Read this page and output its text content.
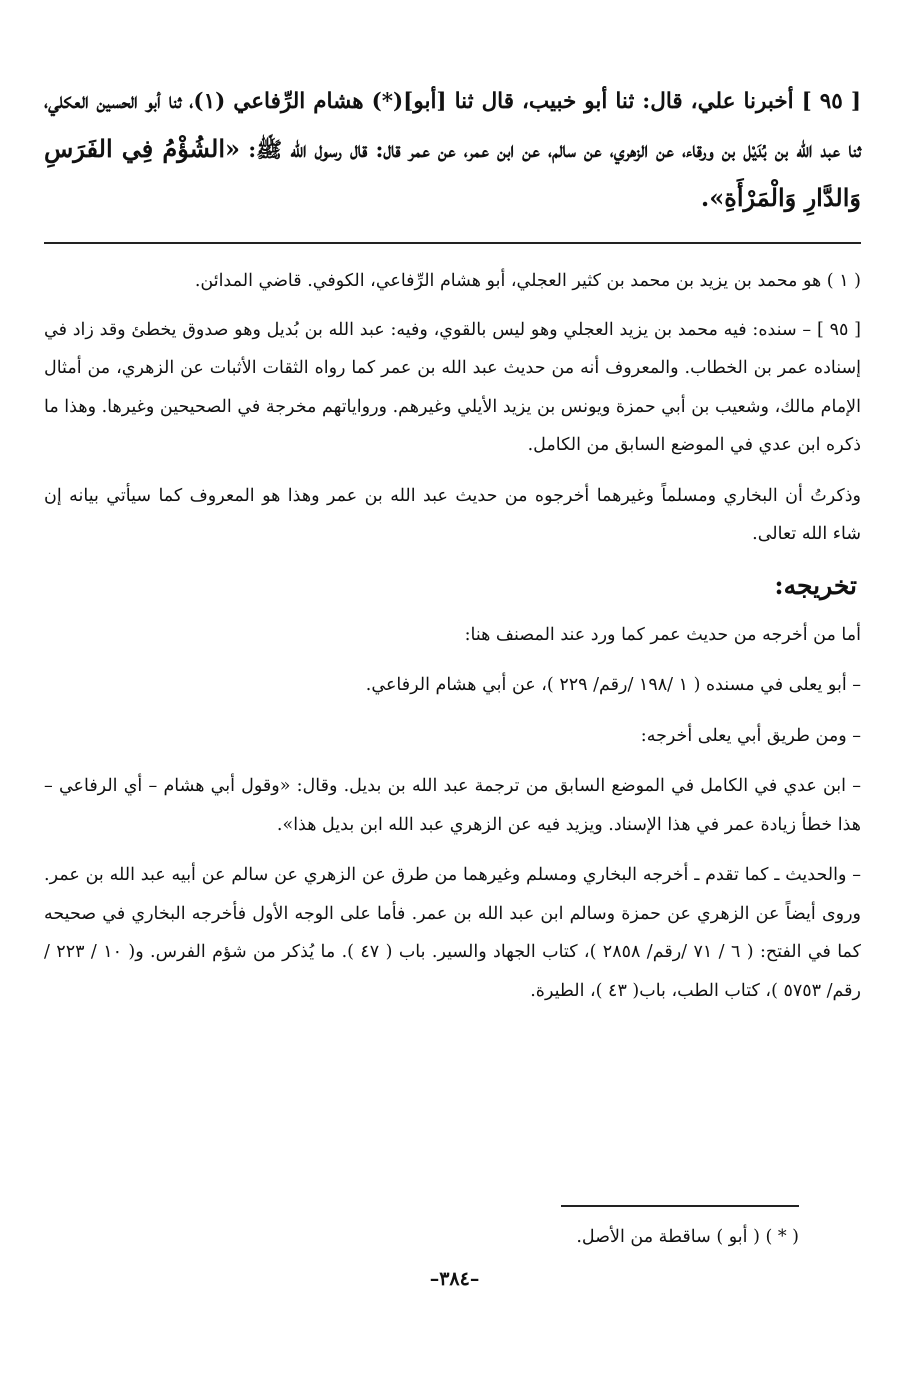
[ ٩٥ ] أخبرنا علي، قال: ثنا أبو خبيب، قال ثنا [أبو](*) هشام الرِّفاعي (١)، ثنا أبو الحسين العكلي، ثنا عبد الله بن بُدَيْل بن ورقاء، عن الزهري، عن سالم، عن ابن عمر، عن عمر قال: قال رسول الله ﷺ: «الشُؤْمُ فِي الفَرَسِ وَالدَّارِ وَالْمَرْأَةِ».

( ١ ) هو محمد بن يزيد بن محمد بن كثير العجلي، أبو هشام الرِّفاعي، الكوفي. قاضي المدائن.

[ ٩٥ ] – سنده: فيه محمد بن يزيد العجلي وهو ليس بالقوي، وفيه: عبد الله بن بُديل وهو صدوق يخطئ وقد زاد في إسناده عمر بن الخطاب. والمعروف أنه من حديث عبد الله بن عمر كما رواه الثقات الأثبات عن الزهري، من أمثال الإمام مالك، وشعيب بن أبي حمزة ويونس بن يزيد الأيلي وغيرهم. ورواياتهم مخرجة في الصحيحين وغيرها. وهذا ما ذكره ابن عدي في الموضع السابق من الكامل.

وذكرتُ أن البخاري ومسلماً وغيرهما أخرجوه من حديث عبد الله بن عمر وهذا هو المعروف كما سيأتي بيانه إن شاء الله تعالى.

تخريجه:

أما من أخرجه من حديث عمر كما ورد عند المصنف هنا:

– أبو يعلى في مسنده ( ١ /١٩٨ /رقم/ ٢٢٩ )، عن أبي هشام الرفاعي.

– ومن طريق أبي يعلى أخرجه:

– ابن عدي في الكامل في الموضع السابق من ترجمة عبد الله بن بديل. وقال: «وقول أبي هشام – أي الرفاعي – هذا خطأ زيادة عمر في هذا الإسناد. ويزيد فيه عن الزهري عبد الله ابن بديل هذا».

– والحديث ـ كما تقدم ـ أخرجه البخاري ومسلم وغيرهما من طرق عن الزهري عن سالم عن أبيه عبد الله بن عمر. وروى أيضاً عن الزهري عن حمزة وسالم ابن عبد الله بن عمر. فأما على الوجه الأول فأخرجه البخاري في صحيحه كما في الفتح: ( ٦ / ٧١ /رقم/ ٢٨٥٨ )، كتاب الجهاد والسير. باب ( ٤٧ ). ما يُذكر من شؤم الفرس. و( ١٠ / ٢٢٣ /رقم/ ٥٧٥٣ )، كتاب الطب، باب( ٤٣ )، الطيرة.

( * ) ( أبو ) ساقطة من الأصل.
–٣٨٤–
